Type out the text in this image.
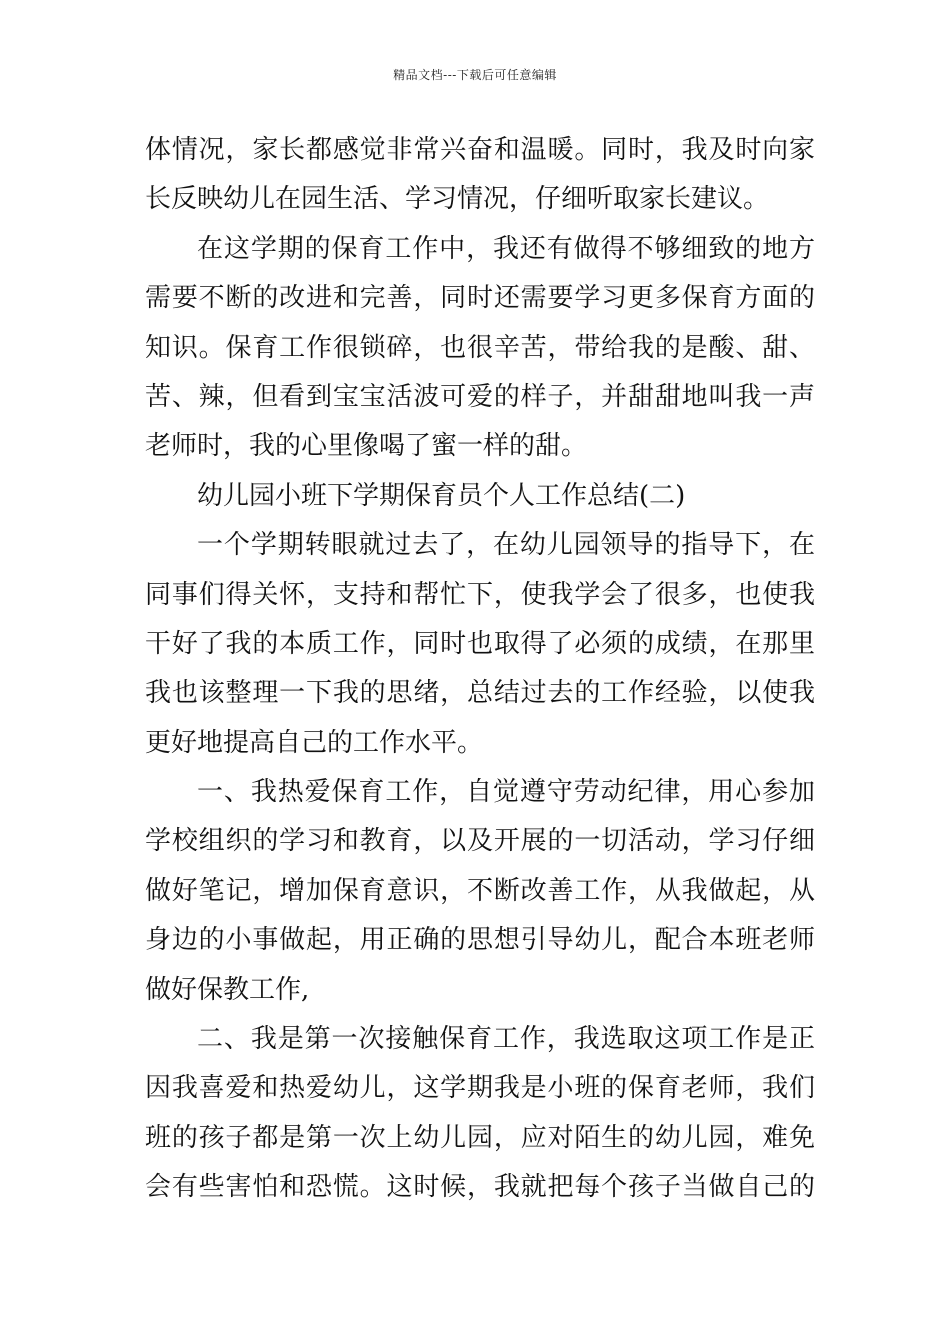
精品文档---下载后可任意编辑
体情况，家长都感觉非常兴奋和温暖。同时，我及时向家
长反映幼儿在园生活、学习情况，仔细听取家长建议。
在这学期的保育工作中，我还有做得不够细致的地方
需要不断的改进和完善，同时还需要学习更多保育方面的
知识。保育工作很锁碎，也很辛苦，带给我的是酸、甜、
苦、辣，但看到宝宝活波可爱的样子，并甜甜地叫我一声
老师时，我的心里像喝了蜜一样的甜。
幼儿园小班下学期保育员个人工作总结(二)
一个学期转眼就过去了，在幼儿园领导的指导下，在
同事们得关怀，支持和帮忙下，使我学会了很多，也使我
干好了我的本质工作，同时也取得了必须的成绩，在那里
我也该整理一下我的思绪，总结过去的工作经验，以使我
更好地提高自己的工作水平。
一、我热爱保育工作，自觉遵守劳动纪律，用心参加
学校组织的学习和教育，以及开展的一切活动，学习仔细
做好笔记，增加保育意识，不断改善工作，从我做起，从
身边的小事做起，用正确的思想引导幼儿，配合本班老师
做好保教工作,
二、我是第一次接触保育工作，我选取这项工作是正
因我喜爱和热爱幼儿，这学期我是小班的保育老师，我们
班的孩子都是第一次上幼儿园，应对陌生的幼儿园，难免
会有些害怕和恐慌。这时候，我就把每个孩子当做自己的
